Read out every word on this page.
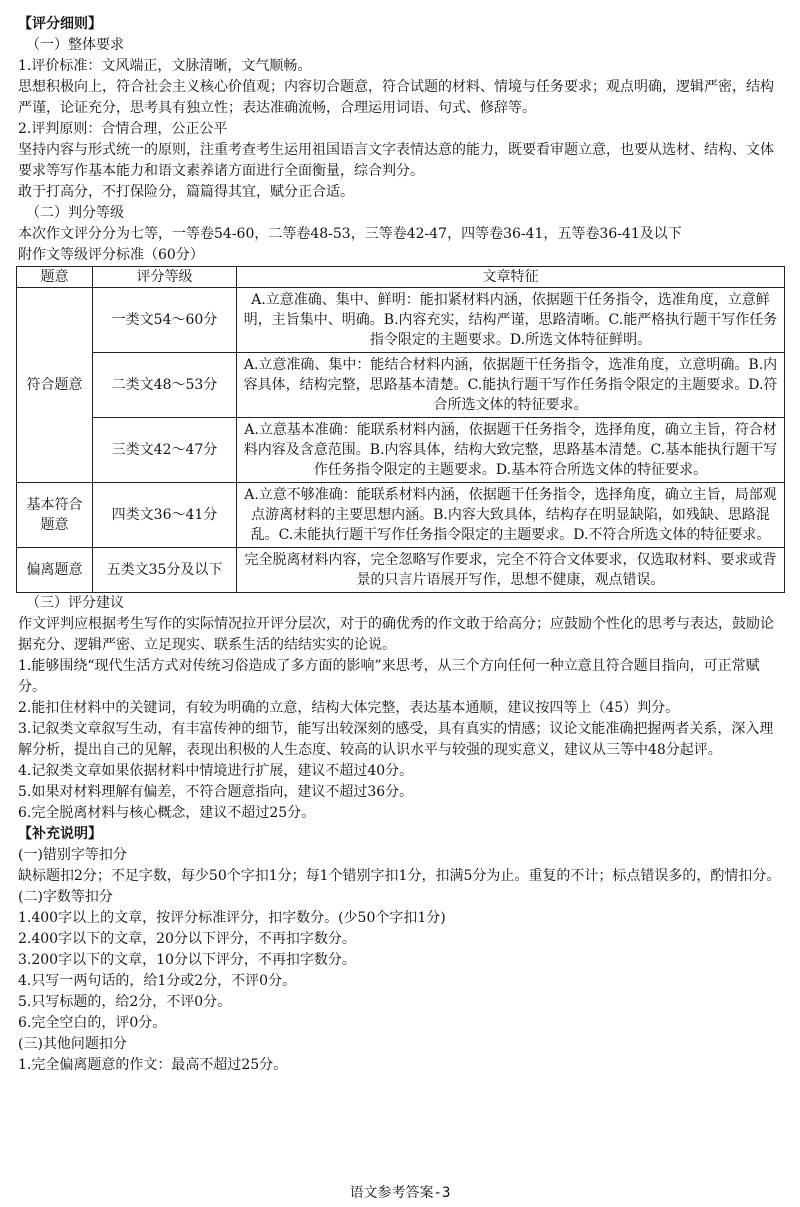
【评分细则】
（一）整体要求
1.评价标准：文风端正，文脉清晰，文气顺畅。
思想积极向上，符合社会主义核心价值观；内容切合题意，符合试题的材料、情境与任务要求；观点明确，逻辑严密，结构严谨，论证充分，思考具有独立性；表达准确流畅，合理运用词语、句式、修辞等。
2.评判原则：合情合理，公正公平
坚持内容与形式统一的原则，注重考查考生运用祖国语言文字表情达意的能力，既要看审题立意，也要从选材、结构、文体要求等写作基本能力和语文素养诸方面进行全面衡量，综合判分。
敢于打高分，不打保险分，篇篇得其宜，赋分正合适。
（二）判分等级
本次作文评分分为七等，一等卷54-60，二等卷48-53，三等卷42-47，四等卷36-41，五等卷36-41及以下
附作文等级评分标准（60分）
题意	评分等级	文章特征
符合题意	一类文54～60分	A.立意准确、集中、鲜明：能扣紧材料内涵，依据题干任务指令，选准角度，立意鲜明，主旨集中、明确。B.内容充实，结构严谨，思路清晰。C.能严格执行题干写作任务指令限定的主题要求。D.所选文体特征鲜明。
	二类文48～53分	A.立意准确、集中：能结合材料内涵，依据题干任务指令，选准角度，立意明确。B.内容具体，结构完整，思路基本清楚。C.能执行题干写作任务指令限定的主题要求。D.符合所选文体的特征要求。
	三类文42～47分	A.立意基本准确：能联系材料内涵，依据题干任务指令，选择角度，确立主旨，符合材料内容及含意范围。B.内容具体，结构大致完整，思路基本清楚。C.基本能执行题干写作任务指令限定的主题要求。D.基本符合所选文体的特征要求。
基本符合题意	四类文36～41分	A.立意不够准确：能联系材料内涵，依据题干任务指令，选择角度，确立主旨，局部观点游离材料的主要思想内涵。B.内容大致具体，结构存在明显缺陷，如残缺、思路混乱。C.未能执行题干写作任务指令限定的主题要求。D.不符合所选文体的特征要求。
偏离题意	五类文35分及以下	完全脱离材料内容，完全忽略写作要求，完全不符合文体要求，仅选取材料、要求或背景的只言片语展开写作，思想不健康，观点错误。
（三）评分建议
作文评判应根据考生写作的实际情况拉开评分层次，对于的确优秀的作文敢于给高分；应鼓励个性化的思考与表达，鼓励论据充分、逻辑严密、立足现实、联系生活的结结实实的论说。
1.能够围绕“现代生活方式对传统习俗造成了多方面的影响”来思考，从三个方向任何一种立意且符合题目指向，可正常赋分。
2.能扣住材料中的关键词，有较为明确的立意，结构大体完整，表达基本通顺，建议按四等上（45）判分。
3.记叙类文章叙写生动，有丰富传神的细节，能写出较深刻的感受，具有真实的情感；议论文能准确把握两者关系，深入理解分析，提出自己的见解，表现出积极的人生态度、较高的认识水平与较强的现实意义，建议从三等中48分起评。
4.记叙类文章如果依据材料中情境进行扩展，建议不超过40分。
5.如果对材料理解有偏差，不符合题意指向，建议不超过36分。
6.完全脱离材料与核心概念，建议不超过25分。
【补充说明】
(一)错别字等扣分
缺标题扣2分；不足字数，每少50个字扣1分；每1个错别字扣1分，扣满5分为止。重复的不计；标点错误多的，酌情扣分。
(二)字数等扣分
1.400字以上的文章，按评分标准评分，扣字数分。(少50个字扣1分)
2.400字以下的文章，20分以下评分，不再扣字数分。
3.200字以下的文章，10分以下评分，不再扣字数分。
4.只写一两句话的，给1分或2分，不评0分。
5.只写标题的，给2分，不评0分。
6.完全空白的，评0分。
(三)其他问题扣分
1.完全偏离题意的作文：最高不超过25分。
语文参考答案-3
